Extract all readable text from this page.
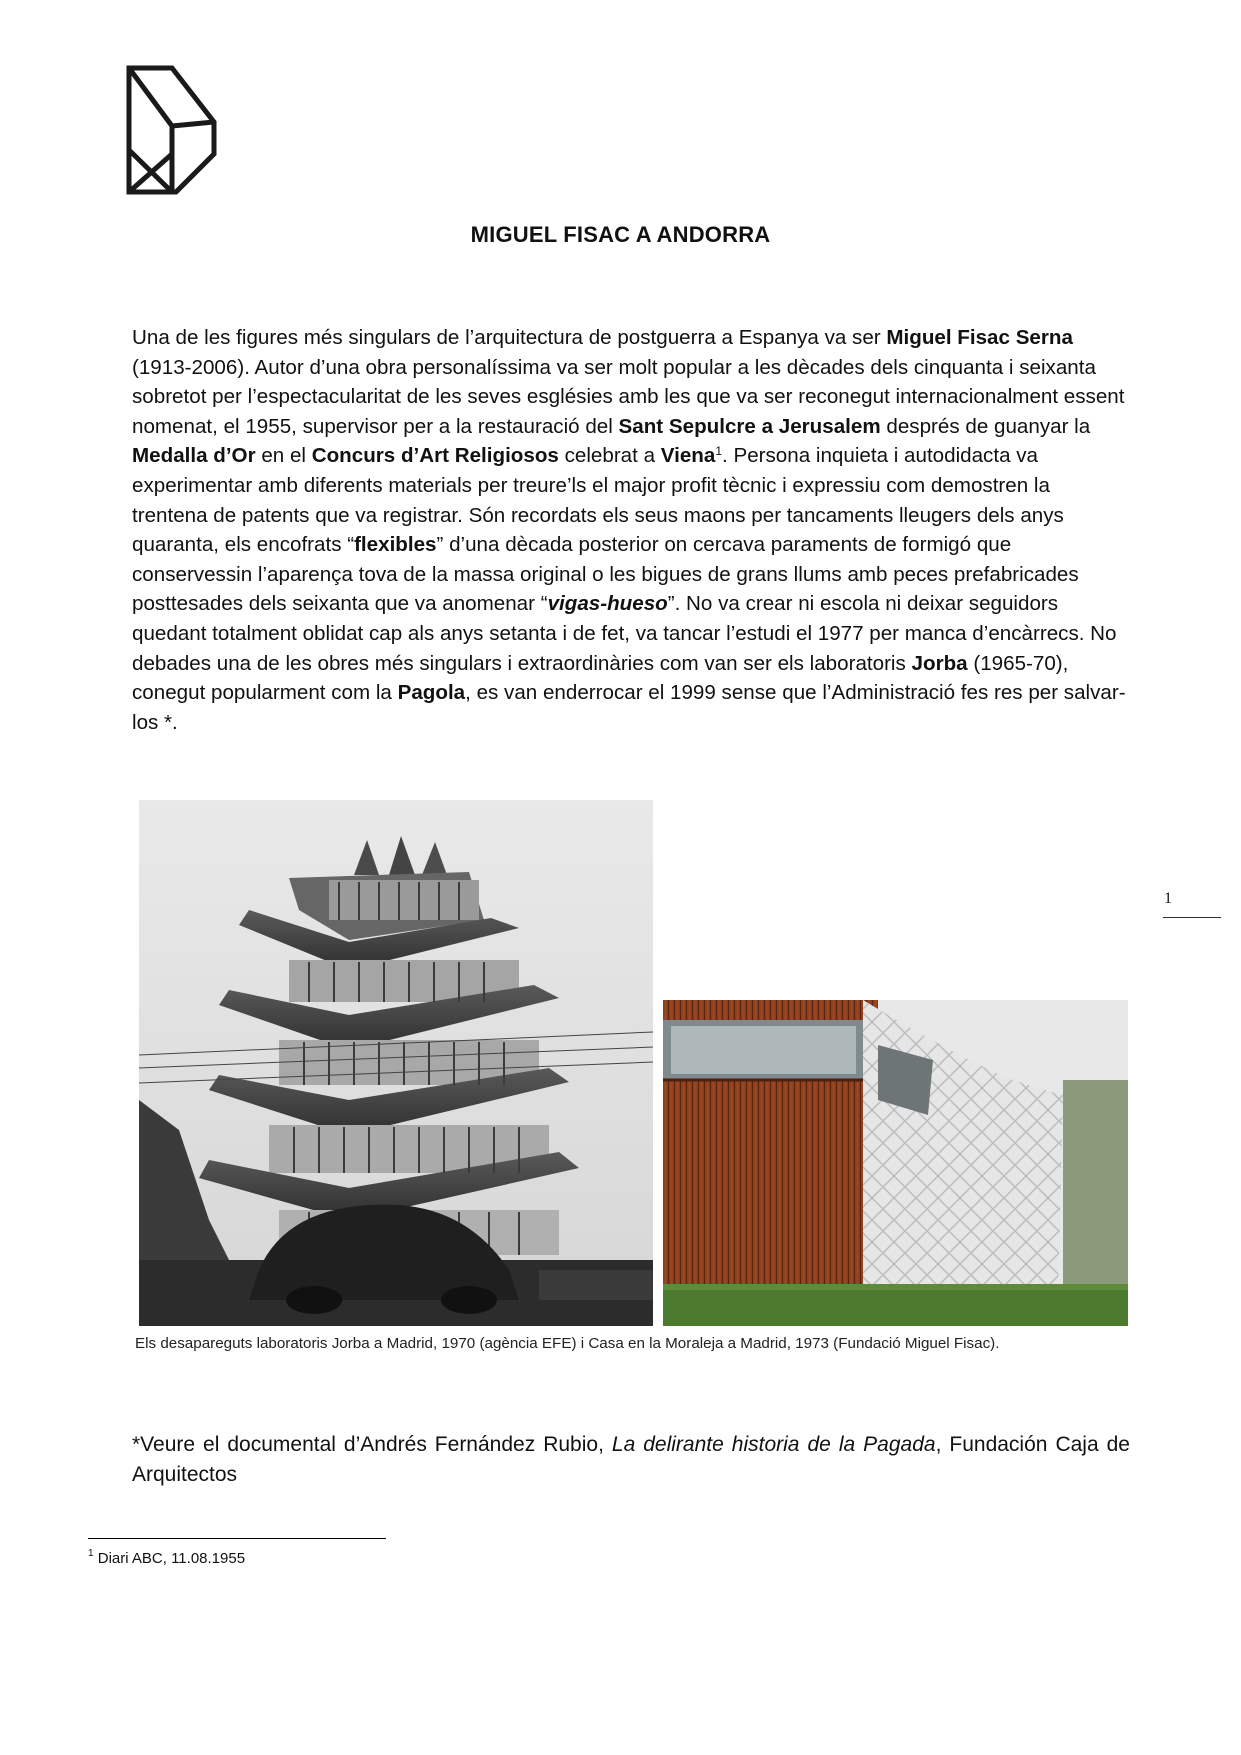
MIGUEL FISAC A ANDORRA
Una de les figures més singulars de l’arquitectura de postguerra a Espanya va ser Miguel Fisac Serna (1913-2006). Autor d’una obra personalíssima va ser molt popular a les dècades dels cinquanta i seixanta sobretot per l’espectacularitat de les seves esglésies amb les que va ser reconegut internacionalment essent nomenat, el 1955, supervisor per a la restauració del Sant Sepulcre a Jerusalem després de guanyar la Medalla d’Or en el Concurs d’Art Religiosos celebrat a Viena$^1$. Persona inquieta i autodidacta va experimentar amb diferents materials per treure’ls el major profit tècnic i expressiu com demostren la trentena de patents que va registrar. Són recordats els seus maons per tancaments lleugers dels anys quaranta, els encofrats “flexibles” d’una dècada posterior on cercava paraments de formigó que conservessin l’aparença tova de la massa original o les bigues de grans llums amb peces prefabricades posttesades dels seixanta que va anomenar “vigas-hueso”. No va crear ni escola ni deixar seguidors quedant totalment oblidat cap als anys setanta i de fet, va tancar l’estudi el 1977 per manca d’encàrrecs. No debades una de les obres més singulars i extraordinàries com van ser els laboratoris Jorba (1965-70), conegut popularment com la Pagola, es van enderrocar el 1999 sense que l’Administració fes res per salvar-los *.
Els desapareguts laboratoris Jorba a Madrid, 1970 (agència EFE) i Casa en la Moraleja a Madrid, 1973 (Fundació Miguel Fisac).
*Veure el documental d’Andrés Fernández Rubio, La delirante historia de la Pagada, Fundación Caja de Arquitectos
1
$^1$ Diari ABC, 11.08.1955
